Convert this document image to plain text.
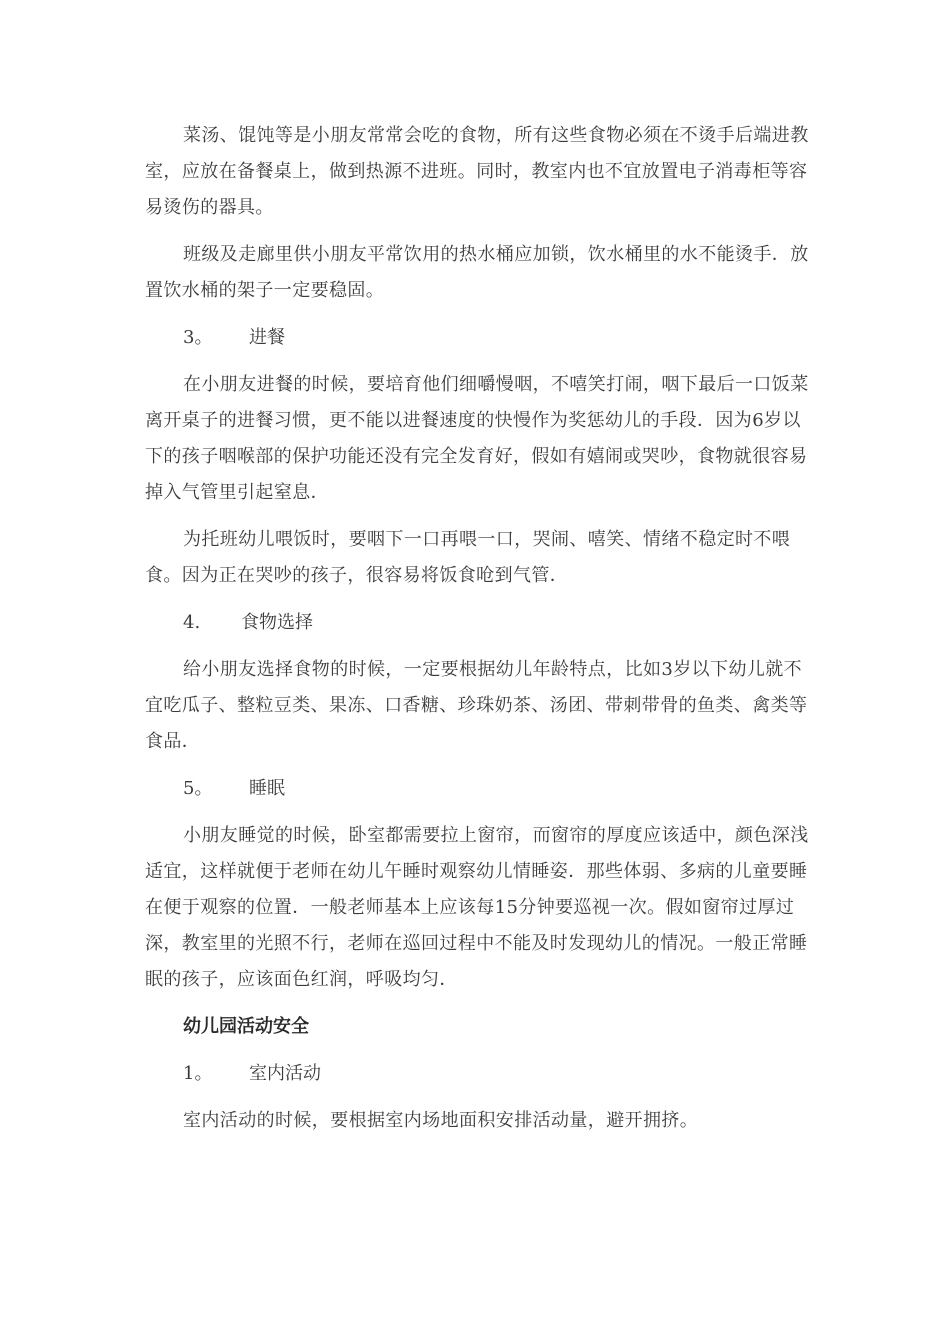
菜汤、馄饨等是小朋友常常会吃的食物，所有这些食物必须在不烫手后端进教室，应放在备餐桌上，做到热源不进班。同时，教室内也不宜放置电子消毒柜等容易烫伤的器具。

班级及走廊里供小朋友平常饮用的热水桶应加锁，饮水桶里的水不能烫手．放置饮水桶的架子一定要稳固。

3。 进餐

在小朋友进餐的时候，要培育他们细嚼慢咽，不嘻笑打闹，咽下最后一口饭菜离开桌子的进餐习惯，更不能以进餐速度的快慢作为奖惩幼儿的手段．因为6岁以下的孩子咽喉部的保护功能还没有完全发育好，假如有嬉闹或哭吵，食物就很容易掉入气管里引起窒息．

为托班幼儿喂饭时，要咽下一口再喂一口，哭闹、嘻笑、情绪不稳定时不喂食。因为正在哭吵的孩子，很容易将饭食呛到气管．

4. 食物选择

给小朋友选择食物的时候，一定要根据幼儿年龄特点，比如3岁以下幼儿就不宜吃瓜子、整粒豆类、果冻、口香糖、珍珠奶茶、汤团、带刺带骨的鱼类、禽类等食品．

5。 睡眠

小朋友睡觉的时候，卧室都需要拉上窗帘，而窗帘的厚度应该适中，颜色深浅适宜，这样就便于老师在幼儿午睡时观察幼儿情睡姿．那些体弱、多病的儿童要睡在便于观察的位置．一般老师基本上应该每15分钟要巡视一次。假如窗帘过厚过深，教室里的光照不行，老师在巡回过程中不能及时发现幼儿的情况。一般正常睡眠的孩子，应该面色红润，呼吸均匀．

幼儿园活动安全
1。 室内活动

室内活动的时候，要根据室内场地面积安排活动量，避开拥挤。
